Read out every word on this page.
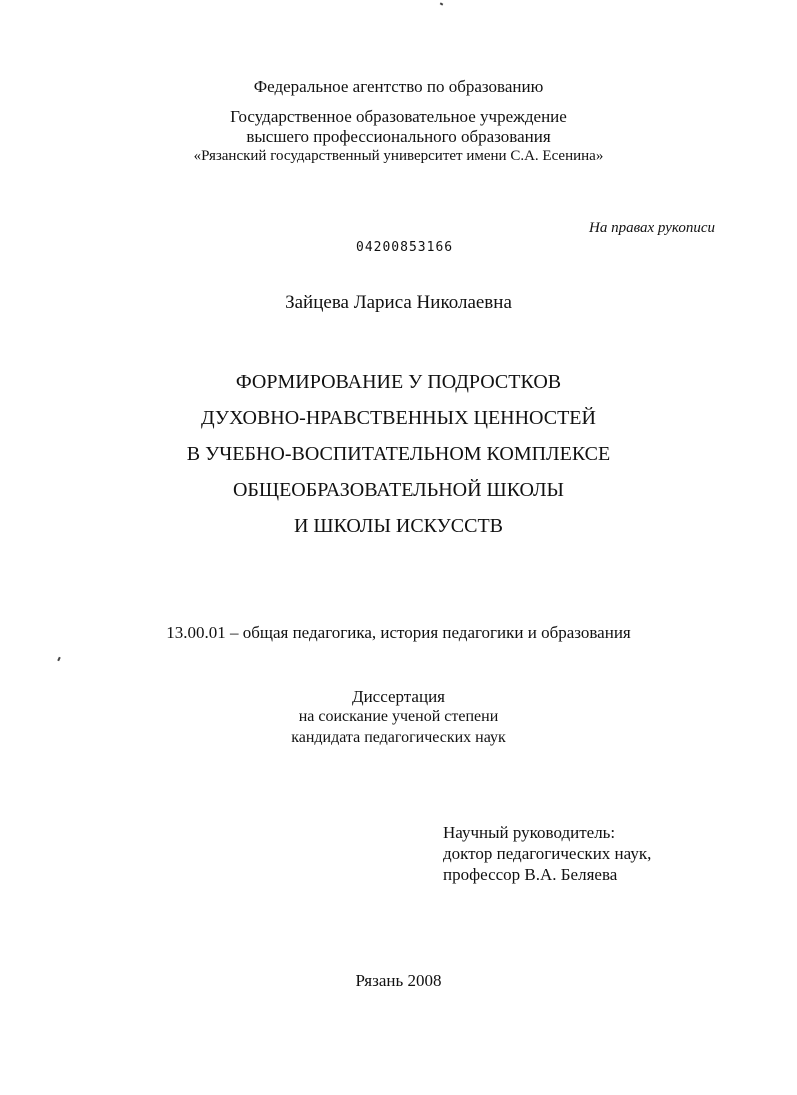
Федеральное агентство по образованию
Государственное образовательное учреждение
высшего профессионального образования
«Рязанский государственный университет имени С.А. Есенина»
На правах рукописи
04200853166
Зайцева Лариса Николаевна
ФОРМИРОВАНИЕ У ПОДРОСТКОВ
ДУХОВНО-НРАВСТВЕННЫХ ЦЕННОСТЕЙ
В УЧЕБНО-ВОСПИТАТЕЛЬНОМ КОМПЛЕКСЕ
ОБЩЕОБРАЗОВАТЕЛЬНОЙ ШКОЛЫ
И ШКОЛЫ ИСКУССТВ
13.00.01 – общая педагогика, история педагогики и образования
Диссертация
на соискание ученой степени
кандидата педагогических наук
Научный руководитель:
доктор педагогических наук,
профессор В.А. Беляева
Рязань 2008
